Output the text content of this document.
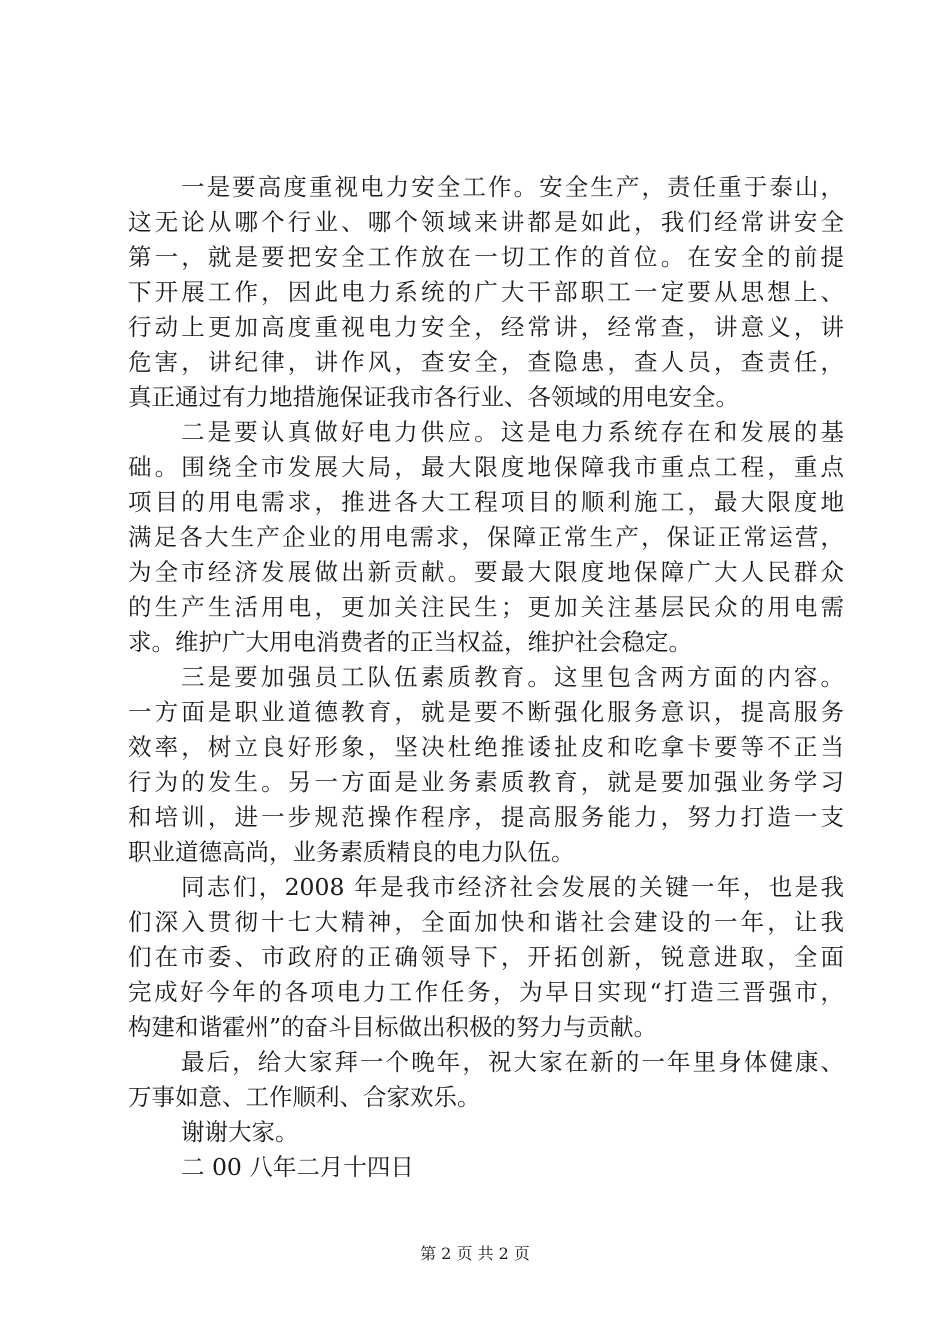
一是要高度重视电力安全工作。安全生产，责任重于泰山，
这无论从哪个行业、哪个领域来讲都是如此，我们经常讲安全
第一，就是要把安全工作放在一切工作的首位。在安全的前提
下开展工作，因此电力系统的广大干部职工一定要从思想上、
行动上更加高度重视电力安全，经常讲，经常查，讲意义，讲
危害，讲纪律，讲作风，查安全，查隐患，查人员，查责任，
真正通过有力地措施保证我市各行业、各领域的用电安全。
二是要认真做好电力供应。这是电力系统存在和发展的基
础。围绕全市发展大局，最大限度地保障我市重点工程，重点
项目的用电需求，推进各大工程项目的顺利施工，最大限度地
满足各大生产企业的用电需求，保障正常生产，保证正常运营，
为全市经济发展做出新贡献。要最大限度地保障广大人民群众
的生产生活用电，更加关注民生；更加关注基层民众的用电需
求。维护广大用电消费者的正当权益，维护社会稳定。
三是要加强员工队伍素质教育。这里包含两方面的内容。
一方面是职业道德教育，就是要不断强化服务意识，提高服务
效率，树立良好形象，坚决杜绝推诿扯皮和吃拿卡要等不正当
行为的发生。另一方面是业务素质教育，就是要加强业务学习
和培训，进一步规范操作程序，提高服务能力，努力打造一支
职业道德高尚，业务素质精良的电力队伍。
同志们，2008 年是我市经济社会发展的关键一年，也是我
们深入贯彻十七大精神，全面加快和谐社会建设的一年，让我
们在市委、市政府的正确领导下，开拓创新，锐意进取，全面
完成好今年的各项电力工作任务，为早日实现“打造三晋强市，
构建和谐霍州”的奋斗目标做出积极的努力与贡献。
最后，给大家拜一个晚年，祝大家在新的一年里身体健康、
万事如意、工作顺利、合家欢乐。
谢谢大家。
二 00 八年二月十四日
第 2 页 共 2 页
